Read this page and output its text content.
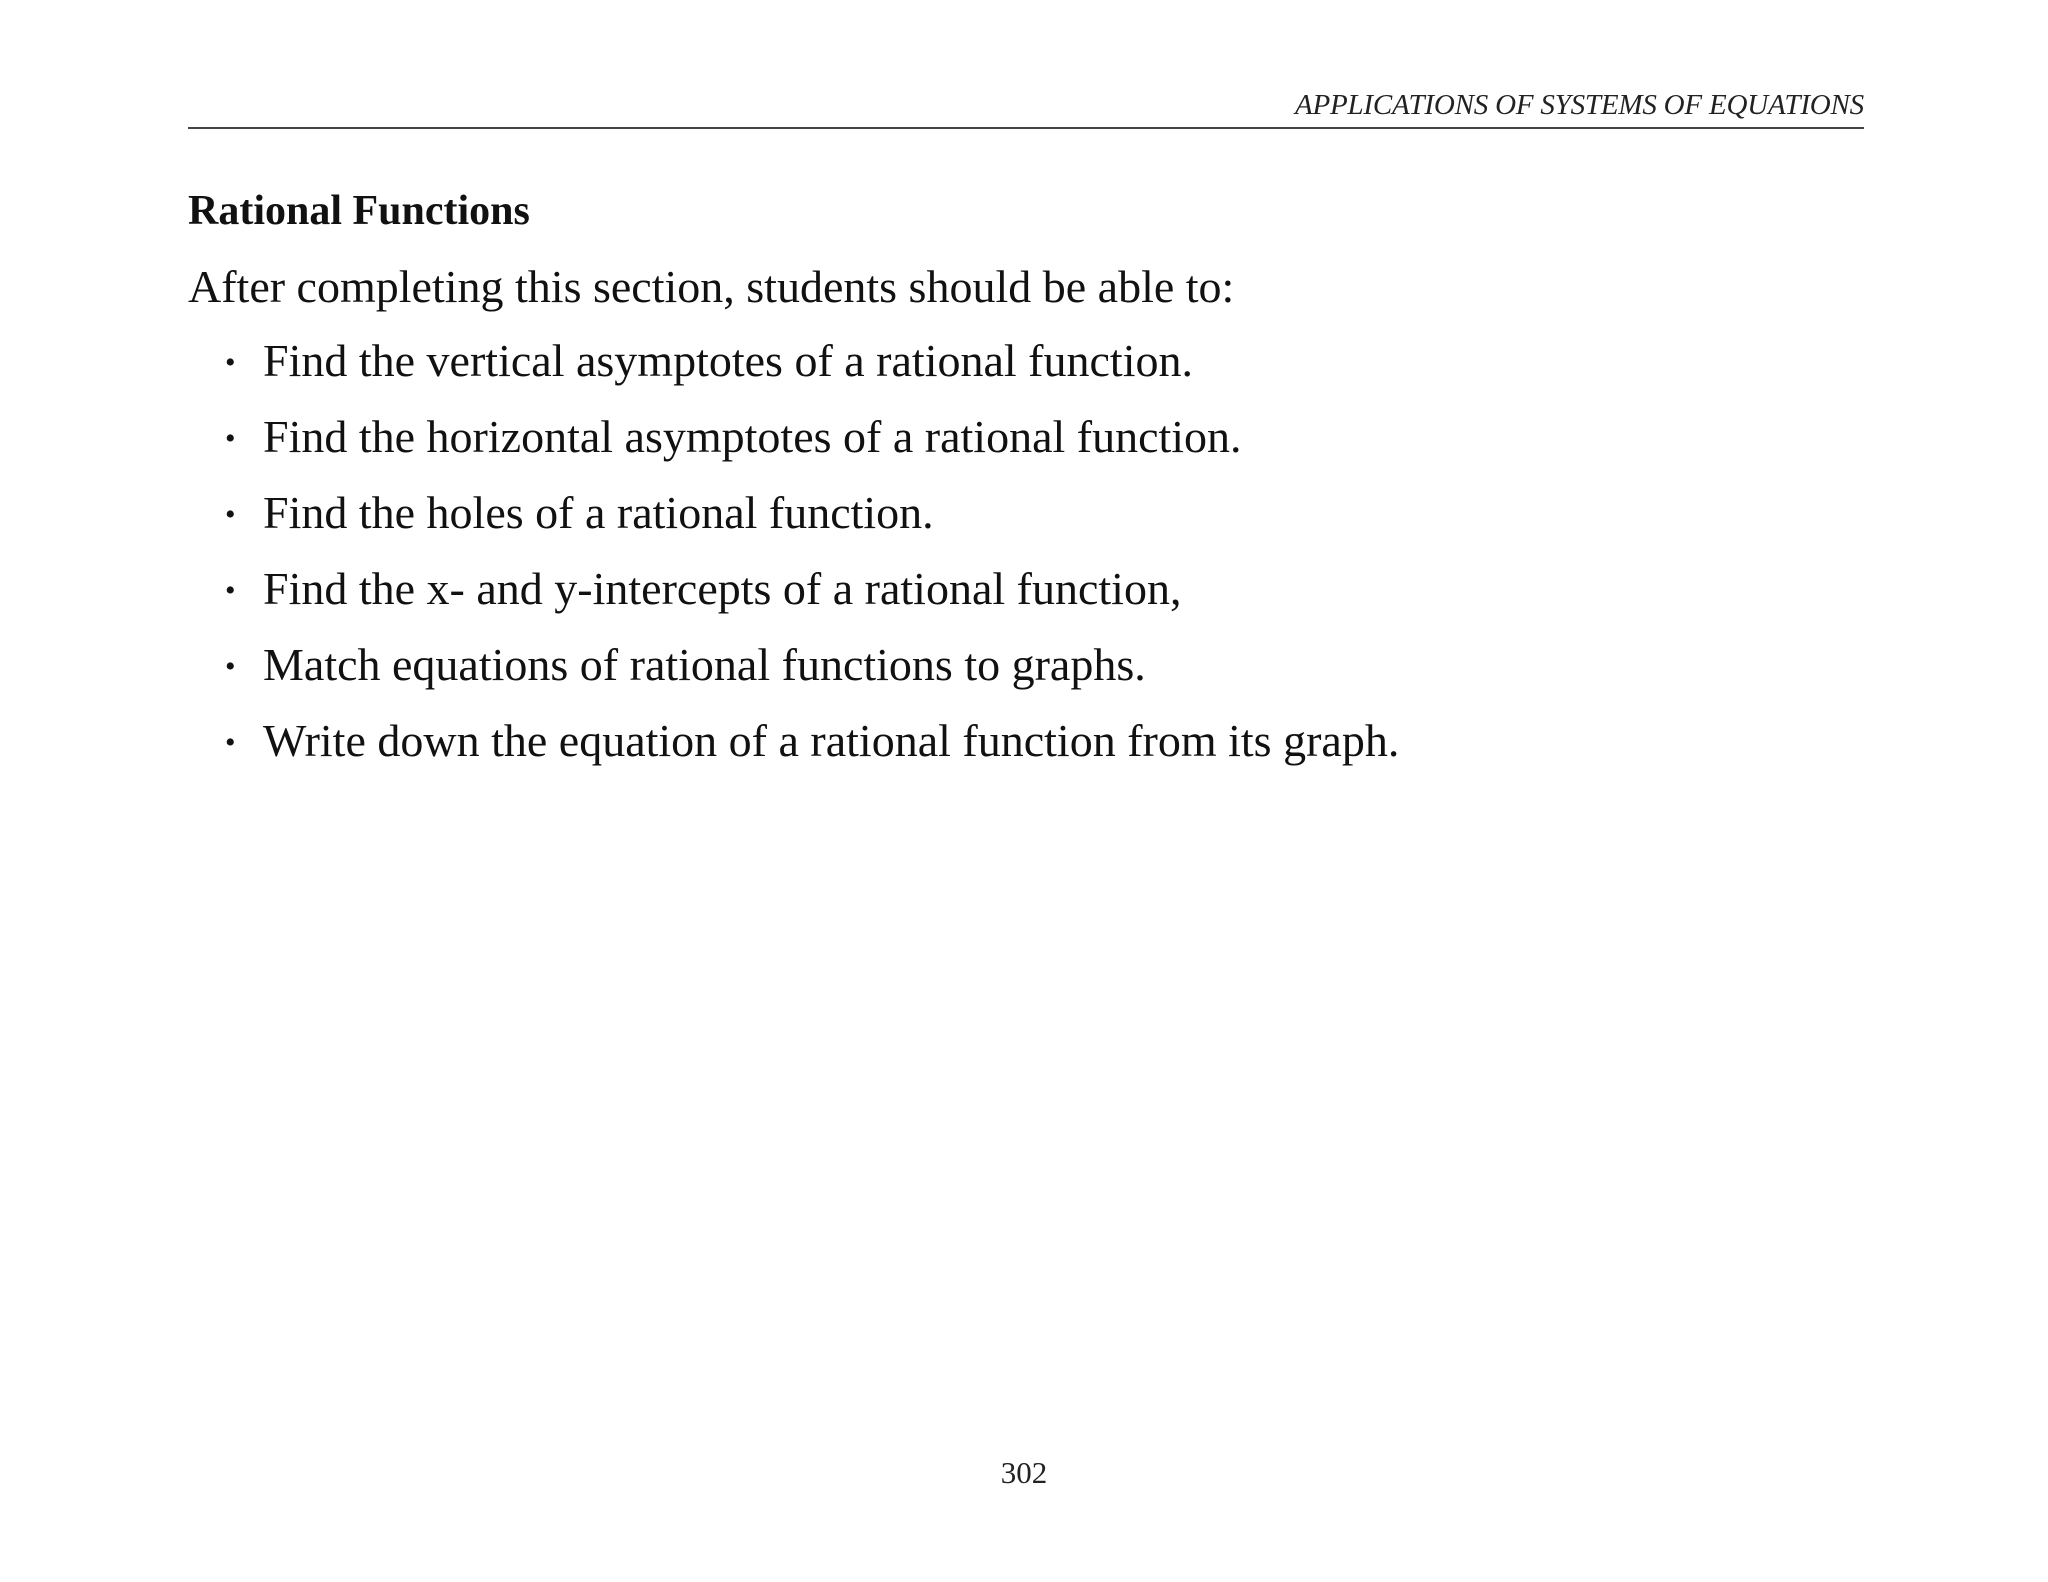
APPLICATIONS OF SYSTEMS OF EQUATIONS
Rational Functions
After completing this section, students should be able to:
• Find the vertical asymptotes of a rational function.
• Find the horizontal asymptotes of a rational function.
• Find the holes of a rational function.
• Find the x- and y-intercepts of a rational function,
• Match equations of rational functions to graphs.
• Write down the equation of a rational function from its graph.
302
